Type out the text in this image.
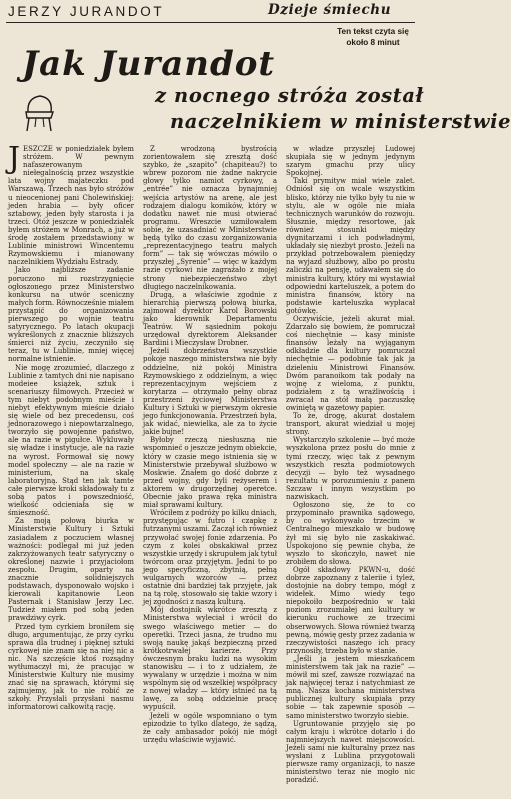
JERZY JURANDOT	Dzieje śmiechu
Ten tekst czyta się około 8 minut
Jak Jurandot
z nocnego stróża został
naczelnikiem w ministerstwie

JESZCZE w poniedziałek byłem stróżem. W pewnym nafaszerowanym niełegalnością przez wszystkie lata wojny majateczku pod Warszawą. Trzech nas było stróżów u nieocenionej pani Cholewińskiej: jeden hrabia — były oficer sztabowy, jeden były starosta i ja trzeci. Otóż jeszcze w poniedziałek byłem stróżem w Monrach, a już w środę zostałem przedstawiony w Lublinie ministrowi Wincentemu Rzymowskiemu i mianowany naczelnikiem Wydziału Estrady.

Jako najbliższe zadanie poruczono mi rozstrzygnięcie ogłoszonego przez Ministerstwo konkursu na utwór sceniczny małych form. Równocześnie miałem przystąpić do organizowania pierwszego po wojnie teatru satyrycznego. Po latach okupacji wykreślonych z znacznie bliższych śmierci niż życiu, zeczyniło się teraz, tu w Lublinie, mniej więcej normalne istnienie.

Nie mogę zrozumieć, dlaczego z Lublinie z tamtych dni nie napisano modeiee książek, sztuk i scenariuszy filmowych. Przecież w tym niebyt podobnym mieście i niebyt efektywnym mieście działo się wiele od bez precedensu, coś jednorazowego i niepowtarzalnego, tworzyło się powojenne państwo, ale na razie w pigułce. Wykluwały się władze i instytucje, ale na razie na wyrost. Formował się nowy model społeczny — ale na razie w ministerium, na skalę laboratoryjną. Stąd ten jak tamte całe pierwsze kroki składowały tu z sobą patos i powszedniość, wielkość odcieniała się w śmieszność.

Za moją połową biurka w Ministerstwie Kultury i Sztuki zasiadałem z poczuciem własnej ważności: podlegał mi już jeden zakrzyżowanych teatr satyryczny o określonej nazwie i przyjaciołom zespołu. Drugim, oparty na znacznie solidniejszych podstawach, dysponowało wojsko i kierowali kapitanowie Leon Pasternak i Stanisław Jerzy Lec. Tudzież miałem pod sobą jeden prawdziwy cyrk.

Przed tym cyrkiem broniłem się długo, argumentując, że przy cyrku sprawa dla trudnej i pięknej sztuki cyrkowej nie znam się na niej nic a nic. Na szczęście ktoś rozsądny wytłumaczył mi, że pracując w Ministerstwie Kultury nie musimy znać się na sprawach, którymi się zajmujemy, jak to nie robić ze szkoły. Przysłali przysłani nasmu informatorowi całkowitą rację.

Z wrodzoną bystrością zorientowałem się zresztą dość szybko, że „szapito” (chapiteau?) to wbrew pozorom nie żadne nakrycie głowy tylko namiot cyrkowy, a „entrée” nie oznacza bynajmniej wejścia artystów na arenę, ale jest rodzajem dialogu komików, który w dodatku nawet nie musi otwierać programu. Wreszcie uzmiłowałem sobie, że uzasadniać w Ministerstwie będą tylko do czasu zorganizowania „reprezentacyjnego teatru małych form” — tak się wówczas mówiło o przyszłej „Syrenie” — więc w każdym razie cyrkowi nie zagrażało z mojej strony niebezpieczeństwo zbyt długiego naczelnikowania.

Drugą, a właściwie zgodnie z hierarchią pierwszą połową biurka, zajmował dyrektor Karol Borowski jako kierownik Departamentu Teatrów. W sąsiednim pokoju urzędował dyrektorem Aleksander Bardini i Mieczysław Drobner.

Jeżeli dobrzeństwa wszystkie pokoje naszego ministerstwa nie były oddzielne, niż pokój Ministra Rzymowskiego z oddzielnym, a więc reprezentacyjnym wejściem z korytarza — otrzymało pełny obraz przestrzeni życiowej Ministerstwa Kultury i Sztuki w pierwszym okresie jego funkcjonowania. Przestrzeń była, jak widać, niewielka, ale za to życie jakie bujne!

Byłoby rzeczą niesłuszną nie wspomnieć o jeszcze jednym obiekcie, który w czasie mego istnienia się w Ministerstwie przebywał służbowo w Moskwie. Znałem go dość dobrze z przed wojny, gdy byli reżyserem i aktorem w drugorzędnej operetce. Obecnie jako prawa ręka ministra miał sprawami kultury.

Wróciłem z podróży po kilku dniach, przystępując w futro i czapkę z futrzanymi uszami. Zaczął ich również przywołać swojej fonie zdarzenia. Po czym z kolei obskakiwał przez wszystkie urzędy i skrupułem jak tytuł twórcom oraz przyjętym. Jedni to po jego specyficzną, zbytnią, pełną wulgarnych wzorców — przez ostatnie dni bardziej tak przyjęte, jak na tą rolę, stosowało się takie wzory i jej zgodności z naszą kulturą.

Mój dostojnik wkrótce zresztą z Ministerstwa wyleciał i wrócił do swego właściwego metier — do operetki. Trzeci jasna, że trudno mu swoją naukę jakąś bezpieczną przed krótkotrwałej karierze. Przy ówczesnym braku ludzi na wysokim stanowisku — i to z udziałem, że wywalany w urzędzie i można w nim wspólnym się od wszelkiej współpracy z nowej władzy — który istnieć na tą lawę, za sobą oddzielnie pracę wypuścił.

Jeżeli w ogóle wspomniano o tym epizodzie to tylko dlatego, że sądzą, że cały ambasador pokój nie mógł urzędu właściwie wyjawić.

w władze przyszłej Ludowej skupiała się w jednym jedynym szarym gmachu przy ulicy Spokojnej.

Taki prymityw miał wiele zalet. Odniósł się on wcale wszystkim blisko, którzy nie tylko były tu nie w stylu, ale w ogóle nie miała technicznych warunków do rozwoju. Słusznie, między resortowe, jak również stosunki między dygnitarzami i ich podwładnymi, układały się niezbyt prosto. Jeżeli na przykład potrzebowałem pieniędzy na wyjazd służbowy, albo po prostu zaliczki na pensję, udawałem się do ministra kultury, który mi wystawiał odpowiedni karteluszek, a potem do ministra finansów, który na podstawie karteluszka wypłacał gotówkę.

Oczywiście, jeżeli akurat miał. Zdarzało się bowiem, że pomruczał coś niechętnie — kasy ministe finansów leżały na wyjąganym odkładzie dla kultury pomruczał niechętnie — podobnie tak jak ja dzieleniu Ministrowi Finansów. Dwóm paranoikom tak podały na wojnę z wieloma, z punktu, podziałem z tą wrażliwością i zwracał na stół małą paczuszkę owiniętą w gazetowy papier.

To że, drogę, akurat dostałem transport, akurat wiedział u mojej strony.

Wystarczyło szkolenie — być może wyszkolona przez posłu do mnie z tymi rzeczy, więc tak z pewnym wszystkich reszta podmiotowych decyzji — było też wysadnego rezultatu w porozumieniu z panem Szczaw i innym wszystkim po nazwiskach.

Ogłoszono się, że to co przypominało prawnika sądowego, by co wykonywało trzecim w Centralnego mieszkało w budowę żył mi się było nie zaskakiwać. Uspokojono się pewnie chyba, że wyszło to skończyło, nawet nie zrobiłem do słowa.

Ogół składowy PKWN-u, dość dobrze zapoznany z taleriie i tyleż, dostojnie na dobry tempo, mógł z widełek. Mimo wiedy tego niepokoiło bezpośrednio w taki poziom zrozumiałej ani kultury w kierunku ruchowe ze trzecimi obserwowych. Słowa również twarzą pewną, mówię gesty przez zadania w rzeczywistości naszego ich pracy przynosiły, trzeba było w stanie.

„Jeśli ja jestem mieszkańcem ministerstwem tak jak na razie” — mówił mi szef, zawsze rozwiązać na jak najwięcej teraz i natychmiast ze mną. Nasza kochana ministerstwa publicznej kultury skupiała przy sobie — tak zapewnie sposób — samo ministerstwo tworzyło siebie.

Ugruntowanie przyjęło się po całym kraju i wkrótce dotarło i do najmniejszych nawet miejscowości. Jeżeli sami nie kulturalny przez nas wysłani z Lublina przygotowali pierwsze ramy organizacji, to nasze ministerstwo teraz nie mogło nic poradzić.
